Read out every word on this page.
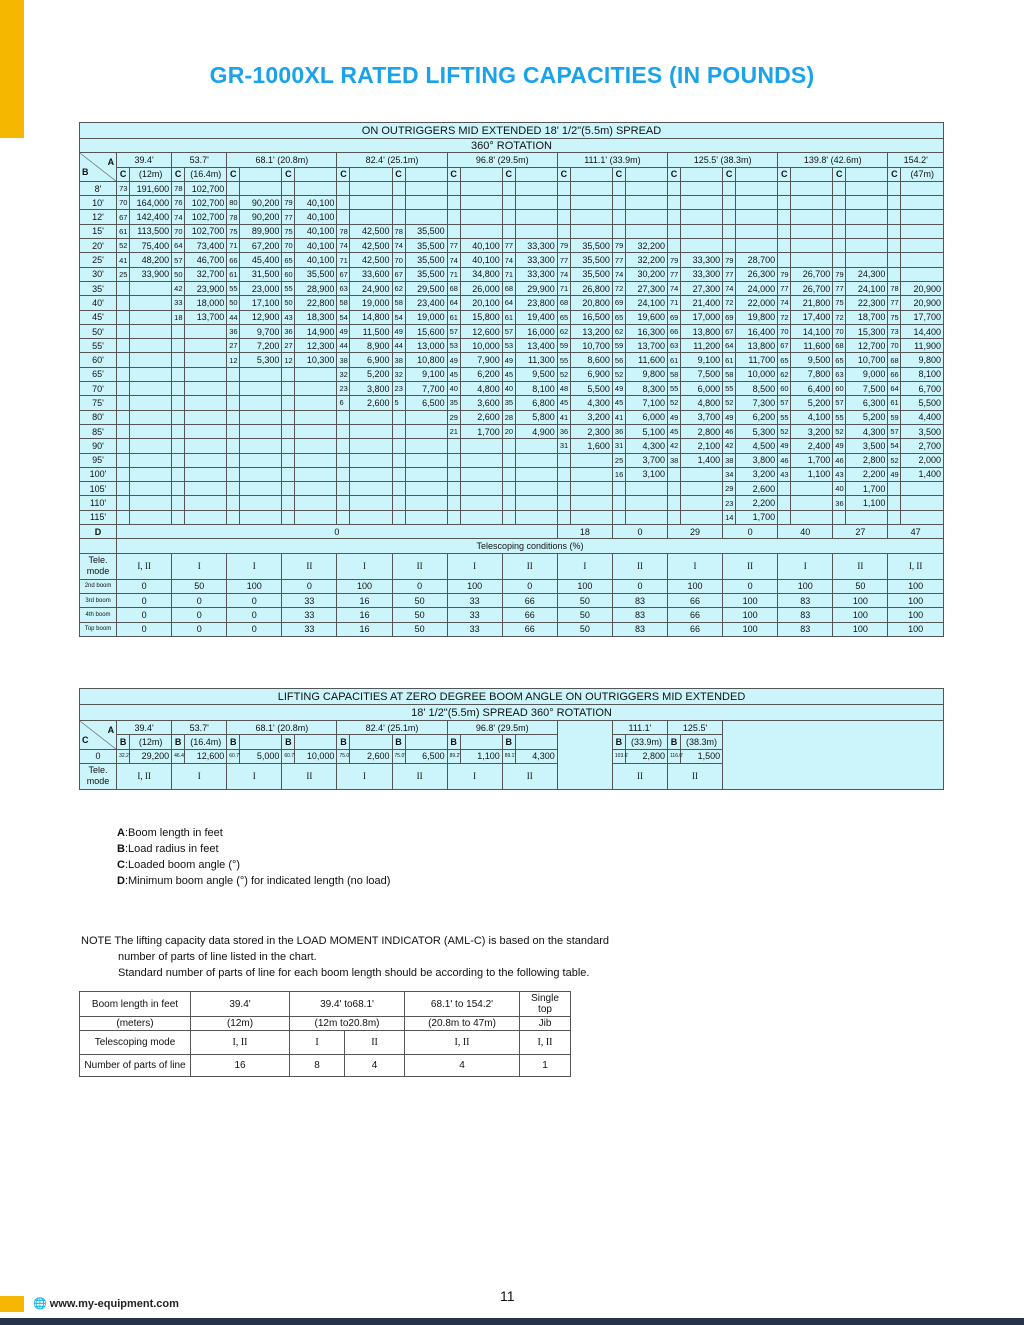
GR-1000XL RATED LIFTING CAPACITIES (IN POUNDS)
ON OUTRIGGERS MID EXTENDED 18' 1/2"(5.5m) SPREAD																														
360° ROTATION																														

A
B	39.4'		53.7'		68.1' (20.8m)				82.4' (25.1m)				96.8' (29.5m)				111.1' (33.9m)				125.5' (38.3m)				139.8' (42.6m)				154.2'	
	C	(12m)	C	(16.4m)	C		C		C		C		C		C		C		C		C		C		C		C		C	(47m)
8'	73	191,600	78	102,700																										
10'	70	164,000	76	102,700	80	90,200	79	40,100																						
12'	67	142,400	74	102,700	78	90,200	77	40,100																						
15'	61	113,500	70	102,700	75	89,900	75	40,100	78	42,500	78	35,500																		
20'	52	75,400	64	73,400	71	67,200	70	40,100	74	42,500	74	35,500	77	40,100	77	33,300	79	35,500	79	32,200										
25'	41	48,200	57	46,700	66	45,400	65	40,100	71	42,500	70	35,500	74	40,100	74	33,300	77	35,500	77	32,200	79	33,300	79	28,700						
30'	25	33,900	50	32,700	61	31,500	60	35,500	67	33,600	67	35,500	71	34,800	71	33,300	74	35,500	74	30,200	77	33,300	77	26,300	79	26,700	79	24,300		
35'			42	23,900	55	23,000	55	28,900	63	24,900	62	29,500	68	26,000	68	29,900	71	26,800	72	27,300	74	27,300	74	24,000	77	26,700	77	24,100	78	20,900
40'			33	18,000	50	17,100	50	22,800	58	19,000	58	23,400	64	20,100	64	23,800	68	20,800	69	24,100	71	21,400	72	22,000	74	21,800	75	22,300	77	20,900
45'			18	13,700	44	12,900	43	18,300	54	14,800	54	19,000	61	15,800	61	19,400	65	16,500	65	19,600	69	17,000	69	19,800	72	17,400	72	18,700	75	17,700
50'					36	9,700	36	14,900	49	11,500	49	15,600	57	12,600	57	16,000	62	13,200	62	16,300	66	13,800	67	16,400	70	14,100	70	15,300	73	14,400
55'					27	7,200	27	12,300	44	8,900	44	13,000	53	10,000	53	13,400	59	10,700	59	13,700	63	11,200	64	13,800	67	11,600	68	12,700	70	11,900
60'					12	5,300	12	10,300	38	6,900	38	10,800	49	7,900	49	11,300	55	8,600	56	11,600	61	9,100	61	11,700	65	9,500	65	10,700	68	9,800
65'									32	5,200	32	9,100	45	6,200	45	9,500	52	6,900	52	9,800	58	7,500	58	10,000	62	7,800	63	9,000	66	8,100
70'									23	3,800	23	7,700	40	4,800	40	8,100	48	5,500	49	8,300	55	6,000	55	8,500	60	6,400	60	7,500	64	6,700
75'									6	2,600	5	6,500	35	3,600	35	6,800	45	4,300	45	7,100	52	4,800	52	7,300	57	5,200	57	6,300	61	5,500
80'													29	2,600	28	5,800	41	3,200	41	6,000	49	3,700	49	6,200	55	4,100	55	5,200	59	4,400
85'													21	1,700	20	4,900	36	2,300	36	5,100	45	2,800	46	5,300	52	3,200	52	4,300	57	3,500
90'																	31	1,600	31	4,300	42	2,100	42	4,500	49	2,400	49	3,500	54	2,700
95'																			25	3,700	38	1,400	38	3,800	46	1,700	46	2,800	52	2,000
100'																			16	3,100			34	3,200	43	1,100	43	2,200	49	1,400
105'																							29	2,600			40	1,700		
110'																							23	2,200			36	1,100		
115'																							14	1,700						
D	0																18		0		29		0		40		27		47	
	Telescoping conditions (%)																													
Tele. mode	I, II		I		I		II		I		II		I		II		I		II		I		II		I		II		I, II	
2nd boom	0		50		100		0		100		0		100		0		100		0		100		0		100		50		100	
3rd boom	0		0		0		33		16		50		33		66		50		83		66		100		83		100		100	
4th boom	0		0		0		33		16		50		33		66		50		83		66		100		83		100		100	
Top boom	0		0		0		33		16		50		33		66		50		83		66		100		83		100		100	
LIFTING CAPACITIES AT ZERO DEGREE BOOM ANGLE ON OUTRIGGERS MID EXTENDED																						
18' 1/2"(5.5m) SPREAD 360° ROTATION																						

A
C	39.4'		53.7'		68.1' (20.8m)				82.4' (25.1m)				96.8' (29.5m)					111.1'		125.5'		
	B	(12m)	B	(16.4m)	B		B		B		B		B		B			B	(33.9m)	B	(38.3m)	
0	32.2'	29,200	46.4'	12,600	60.7'	5,000	60.7'	10,000	75.0'	2,600	75.0'	6,500	89.2'	1,100	89.1'	4,300		103.6'	2,800	116.0'	1,500	
Tele. mode	I, II		I		I		II		I		II		I		II			II		II		
A:Boom length in feet
B:Load radius in feet
C:Loaded boom angle (°)
D:Minimum boom angle (°) for indicated length (no load)
NOTE The lifting capacity data stored in the LOAD MOMENT INDICATOR (AML-C) is based on the standard
number of parts of line listed in the chart.
Standard number of parts of line for each boom length should be according to the following table.
Boom length in feet	39.4'	39.4' to68.1'		68.1' to 154.2'	Single top
(meters)	(12m)	(12m to20.8m)		(20.8m to 47m)	Jib
Telescoping mode	I, II	I	II	I, II	I, II
Number of parts of line	16	8	4	4	1
11
🌐 www.my-equipment.com
